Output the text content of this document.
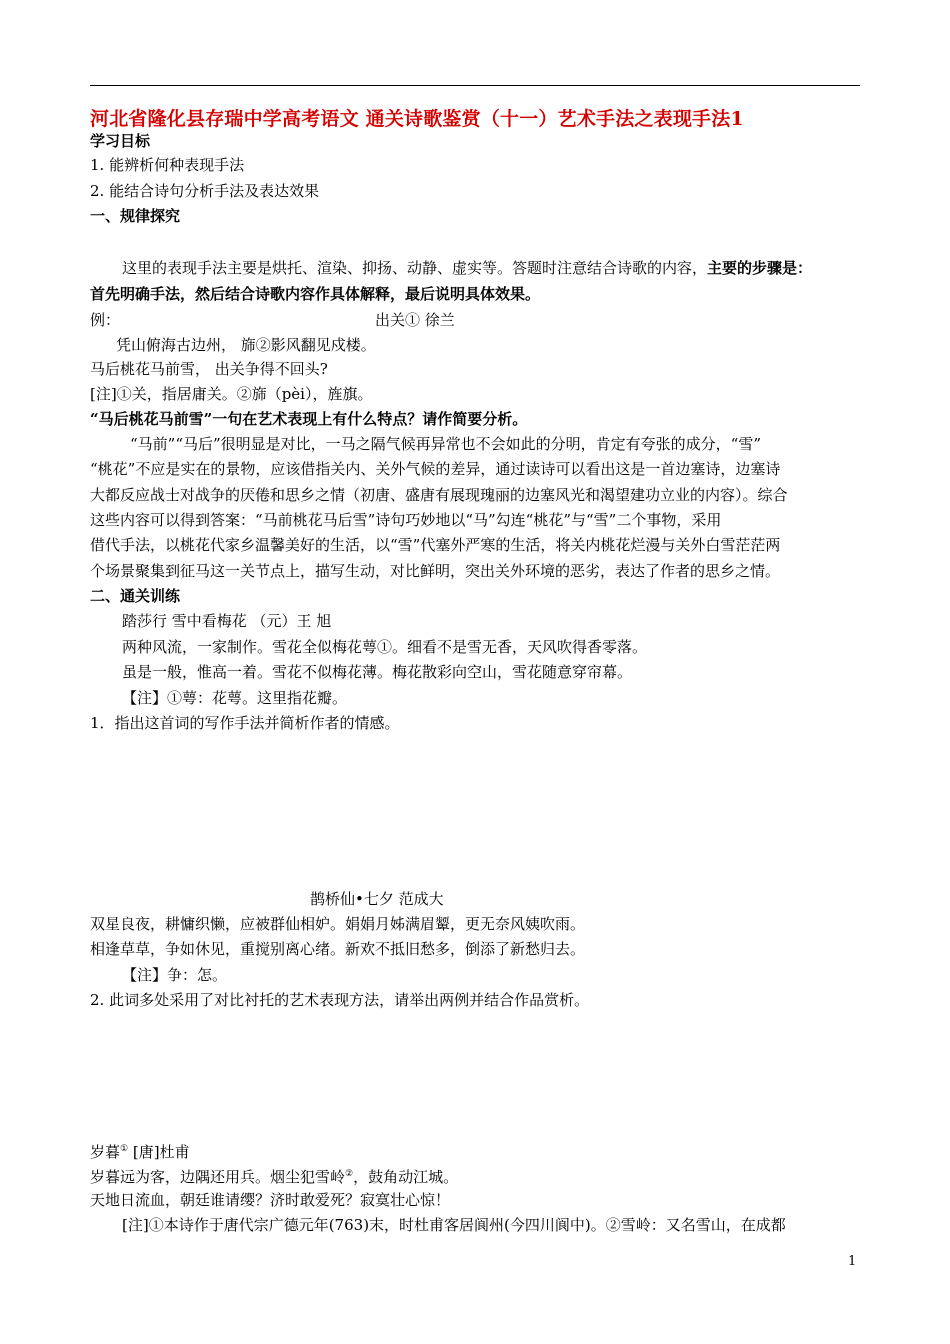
河北省隆化县存瑞中学高考语文 通关诗歌鉴赏（十一）艺术手法之表现手法1
学习目标
1. 能辨析何种表现手法
2. 能结合诗句分析手法及表达效果
一、规律探究
这里的表现手法主要是烘托、渲染、抑扬、动静、虚实等。答题时注意结合诗歌的内容，主要的步骤是：
首先明确手法，然后结合诗歌内容作具体解释，最后说明具体效果。
例：	出关① 徐兰
凭山俯海古边州， 旆②影风翻见戍楼。
马后桃花马前雪， 出关争得不回头?
[注]①关，指居庸关。②旆（pèi），旌旗。
“马后桃花马前雪”一句在艺术表现上有什么特点？请作简要分析。
“马前”“马后”很明显是对比，一马之隔气候再异常也不会如此的分明，肯定有夸张的成分，“雪”
“桃花”不应是实在的景物，应该借指关内、关外气候的差异，通过读诗可以看出这是一首边塞诗，边塞诗
大都反应战士对战争的厌倦和思乡之情（初唐、盛唐有展现瑰丽的边塞风光和渴望建功立业的内容）。综合
这些内容可以得到答案：“马前桃花马后雪”诗句巧妙地以“马”勾连“桃花”与“雪”二个事物，采用
借代手法，以桃花代家乡温馨美好的生活，以“雪”代塞外严寒的生活，将关内桃花烂漫与关外白雪茫茫两
个场景聚集到征马这一关节点上，描写生动，对比鲜明，突出关外环境的恶劣，表达了作者的思乡之情。
二、通关训练
踏莎行 雪中看梅花 （元）王 旭
两种风流，一家制作。雪花全似梅花萼①。细看不是雪无香，天风吹得香零落。
虽是一般，惟高一着。雪花不似梅花薄。梅花散彩向空山，雪花随意穿帘幕。
【注】①萼：花萼。这里指花瓣。
1．指出这首词的写作手法并简析作者的情感。
鹊桥仙•七夕 范成大
双星良夜，耕慵织懒，应被群仙相妒。娟娟月姊满眉颦，更无奈风姨吹雨。
相逢草草，争如休见，重搅别离心绪。新欢不抵旧愁多，倒添了新愁归去。
【注】争：怎。
2. 此词多处采用了对比衬托的艺术表现方法，请举出两例并结合作品赏析。
岁暮① [唐]杜甫
岁暮远为客，边隅还用兵。烟尘犯雪岭②，鼓角动江城。
天地日流血，朝廷谁请缨？济时敢爱死？寂寞壮心惊！
[注]①本诗作于唐代宗广德元年(763)末，时杜甫客居阆州(今四川阆中)。②雪岭：又名雪山，在成都
1
